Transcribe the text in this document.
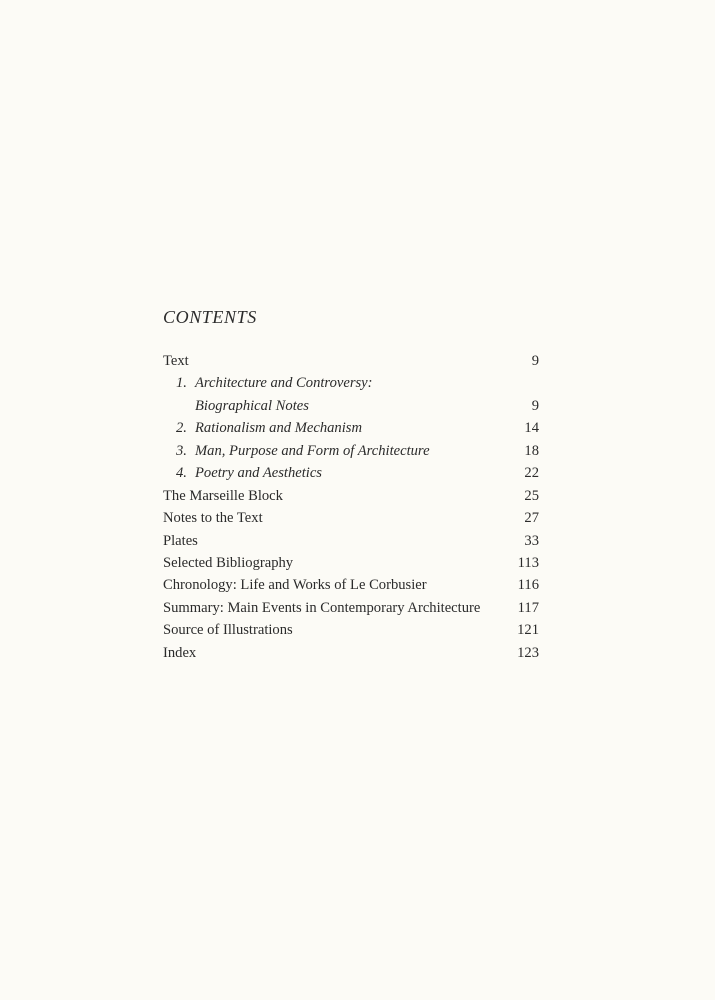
CONTENTS
Text	9
1. Architecture and Controversy:
Biographical Notes	9
2. Rationalism and Mechanism	14
3. Man, Purpose and Form of Architecture	18
4. Poetry and Aesthetics	22
The Marseille Block	25
Notes to the Text	27
Plates	33
Selected Bibliography	113
Chronology: Life and Works of Le Corbusier	116
Summary: Main Events in Contemporary Architecture	117
Source of Illustrations	121
Index	123
